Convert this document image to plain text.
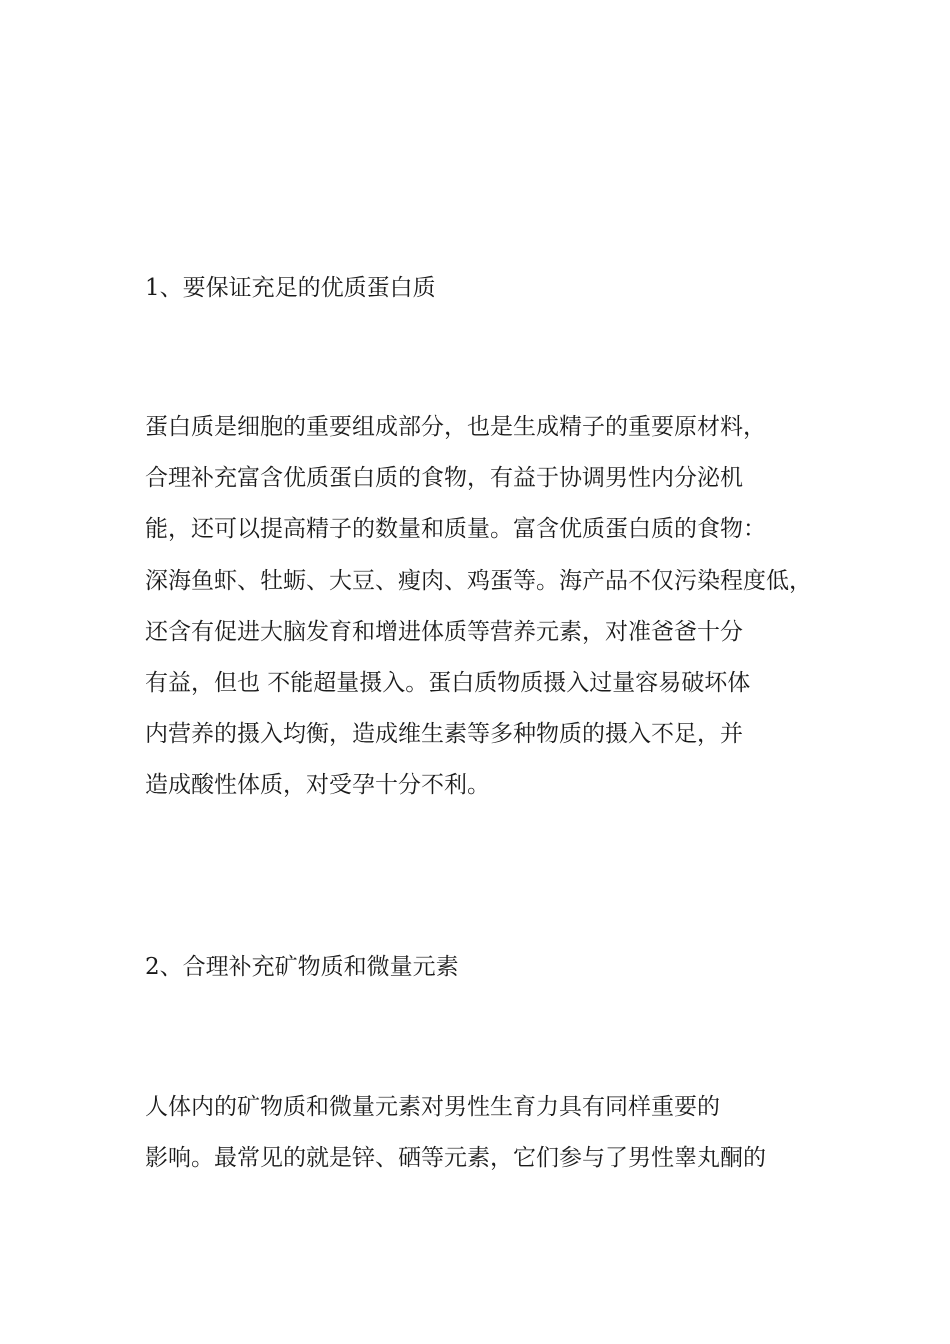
1、要保证充足的优质蛋白质
蛋白质是细胞的重要组成部分，也是生成精子的重要原材料，
合理补充富含优质蛋白质的食物，有益于协调男性内分泌机
能，还可以提高精子的数量和质量。富含优质蛋白质的食物：
深海鱼虾、牡蛎、大豆、瘦肉、鸡蛋等。海产品不仅污染程度低，
还含有促进大脑发育和增进体质等营养元素，对准爸爸十分
有益，但也 不能超量摄入。蛋白质物质摄入过量容易破坏体
内营养的摄入均衡，造成维生素等多种物质的摄入不足，并
造成酸性体质，对受孕十分不利。
2、合理补充矿物质和微量元素
人体内的矿物质和微量元素对男性生育力具有同样重要的
影响。最常见的就是锌、硒等元素，它们参与了男性睾丸酮的
